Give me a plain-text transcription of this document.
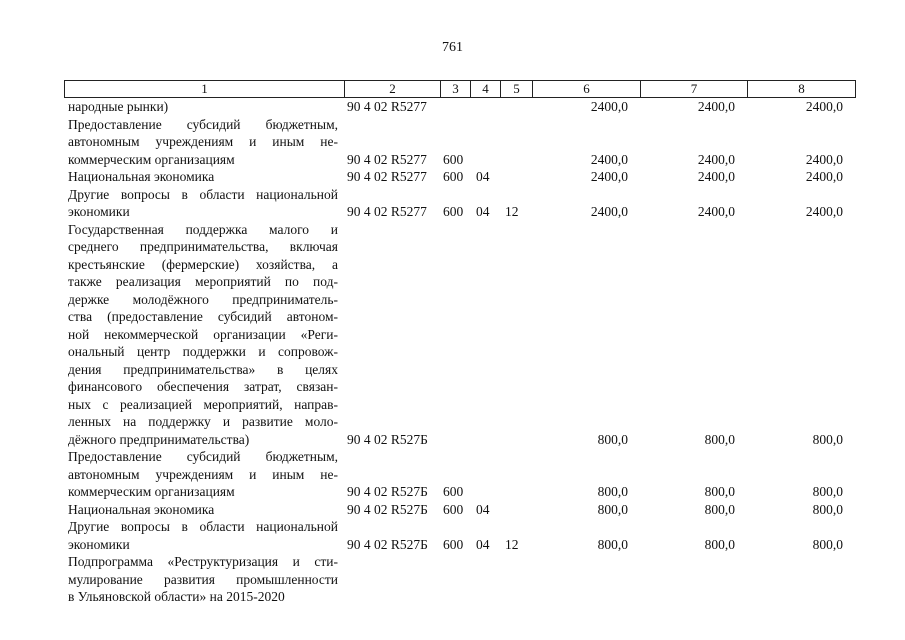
761
1	2	3	4	5	6	7	8
народные рынки)	90 4 02 R5277	2400,0	2400,0	2400,0
Предоставление субсидий бюджетным,
автономным учреждениям и иным не-
коммерческим организациям	90 4 02 R5277 600	2400,0	2400,0	2400,0
Национальная экономика	90 4 02 R5277 600 04	2400,0	2400,0	2400,0
Другие вопросы в области национальной
экономики	90 4 02 R5277 600 04 12	2400,0	2400,0	2400,0
Государственная поддержка малого и
среднего предпринимательства, включая
крестьянские (фермерские) хозяйства, а
также реализация мероприятий по под-
держке молодёжного предприниматель-
ства (предоставление субсидий автоном-
ной некоммерческой организации «Реги-
ональный центр поддержки и сопровож-
дения предпринимательства» в целях
финансового обеспечения затрат, связан-
ных с реализацией мероприятий, направ-
ленных на поддержку и развитие моло-
дёжного предпринимательства)	90 4 02 R527Б	800,0	800,0	800,0
Предоставление субсидий бюджетным,
автономным учреждениям и иным не-
коммерческим организациям	90 4 02 R527Б 600	800,0	800,0	800,0
Национальная экономика	90 4 02 R527Б 600 04	800,0	800,0	800,0
Другие вопросы в области национальной
экономики	90 4 02 R527Б 600 04 12	800,0	800,0	800,0
Подпрограмма «Реструктуризация и сти-
мулирование развития промышленности
в Ульяновской области» на 2015-2020
